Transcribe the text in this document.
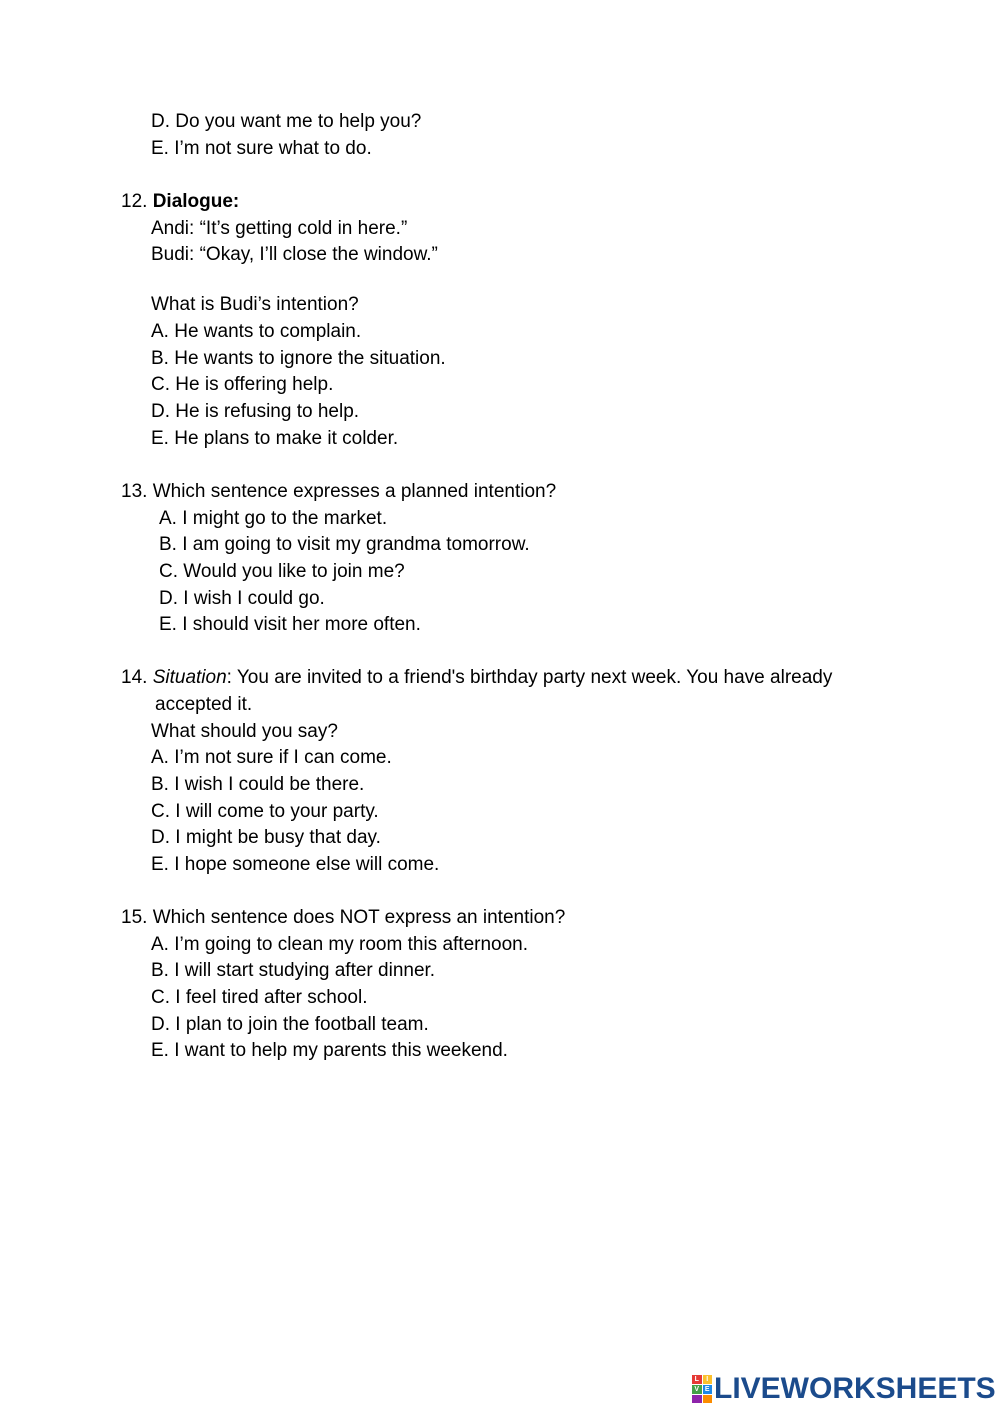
D. Do you want me to help you?
E. I’m not sure what to do.
12. Dialogue:
Andi: “It’s getting cold in here.”
Budi: “Okay, I’ll close the window.”
What is Budi’s intention?
A. He wants to complain.
B. He wants to ignore the situation.
C. He is offering help.
D. He is refusing to help.
E. He plans to make it colder.
13. Which sentence expresses a planned intention?
A. I might go to the market.
B. I am going to visit my grandma tomorrow.
C. Would you like to join me?
D. I wish I could go.
E. I should visit her more often.
14. Situation: You are invited to a friend's birthday party next week. You have already
accepted it.
What should you say?
A. I’m not sure if I can come.
B. I wish I could be there.
C. I will come to your party.
D. I might be busy that day.
E. I hope someone else will come.
15. Which sentence does NOT express an intention?
A. I’m going to clean my room this afternoon.
B. I will start studying after dinner.
C. I feel tired after school.
D. I plan to join the football team.
E. I want to help my parents this weekend.
L	I
V E LIVEWORKSHEETS
